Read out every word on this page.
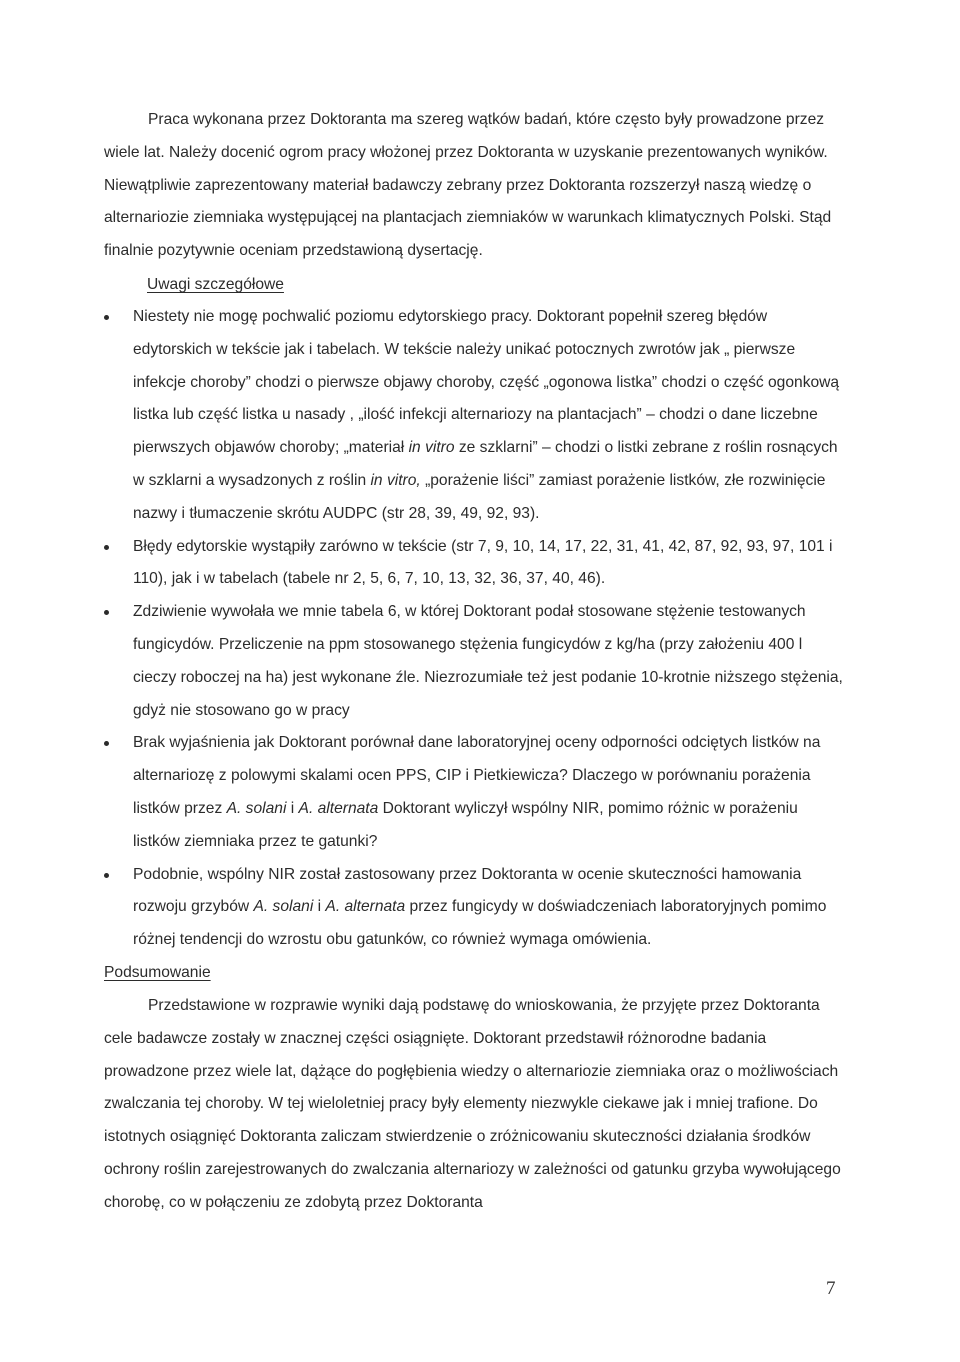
Praca wykonana przez Doktoranta ma szereg wątków badań, które często były prowadzone przez wiele lat. Należy docenić ogrom pracy włożonej przez Doktoranta w uzyskanie prezentowanych wyników. Niewątpliwie zaprezentowany materiał badawczy zebrany przez Doktoranta rozszerzył naszą wiedzę o alternariozie ziemniaka występującej na plantacjach ziemniaków w warunkach klimatycznych Polski. Stąd finalnie pozytywnie oceniam przedstawioną dysertację.

Uwagi szczegółowe

Niestety nie mogę pochwalić poziomu edytorskiego pracy. Doktorant popełnił szereg błędów edytorskich w tekście jak i tabelach. W tekście należy unikać potocznych zwrotów jak „ pierwsze infekcje choroby” chodzi o pierwsze objawy choroby, część „ogonowa listka” chodzi o część ogonkową listka lub część listka u nasady , „ilość infekcji alternariozy na plantacjach” – chodzi o dane liczebne pierwszych objawów choroby; „materiał in vitro ze szklarni” – chodzi o listki zebrane z roślin rosnących w szklarni a wysadzonych z roślin in vitro, „porażenie liści” zamiast porażenie listków, złe rozwinięcie nazwy i tłumaczenie skrótu AUDPC (str 28, 39, 49, 92, 93).
Błędy edytorskie wystąpiły zarówno w tekście (str 7, 9, 10, 14, 17, 22, 31, 41, 42, 87, 92, 93, 97, 101 i 110), jak i w tabelach (tabele nr 2, 5, 6, 7, 10, 13, 32, 36, 37, 40, 46).
Zdziwienie wywołała we mnie tabela 6, w której Doktorant podał stosowane stężenie testowanych fungicydów. Przeliczenie na ppm stosowanego stężenia fungicydów z kg/ha (przy założeniu 400 l cieczy roboczej na ha) jest wykonane źle. Niezrozumiałe też jest podanie 10-krotnie niższego stężenia, gdyż nie stosowano go w pracy
Brak wyjaśnienia jak Doktorant porównał dane laboratoryjnej oceny odporności odciętych listków na alternariozę z polowymi skalami ocen PPS, CIP i Pietkiewicza? Dlaczego w porównaniu porażenia listków przez A. solani i A. alternata Doktorant wyliczył wspólny NIR, pomimo różnic w porażeniu listków ziemniaka przez te gatunki?
Podobnie, wspólny NIR został zastosowany przez Doktoranta w ocenie skuteczności hamowania rozwoju grzybów A. solani i A. alternata przez fungicydy w doświadczeniach laboratoryjnych pomimo różnej tendencji do wzrostu obu gatunków, co również wymaga omówienia.

Podsumowanie

Przedstawione w rozprawie wyniki dają podstawę do wnioskowania, że przyjęte przez Doktoranta cele badawcze zostały w znacznej części osiągnięte. Doktorant przedstawił różnorodne badania prowadzone przez wiele lat, dążące do pogłębienia wiedzy o alternariozie ziemniaka oraz o możliwościach zwalczania tej choroby. W tej wieloletniej pracy były elementy niezwykle ciekawe jak i mniej trafione. Do istotnych osiągnięć Doktoranta zaliczam stwierdzenie o zróżnicowaniu skuteczności działania środków ochrony roślin zarejestrowanych do zwalczania alternariozy w zależności od gatunku grzyba wywołującego chorobę, co w połączeniu ze zdobytą przez Doktoranta

7
